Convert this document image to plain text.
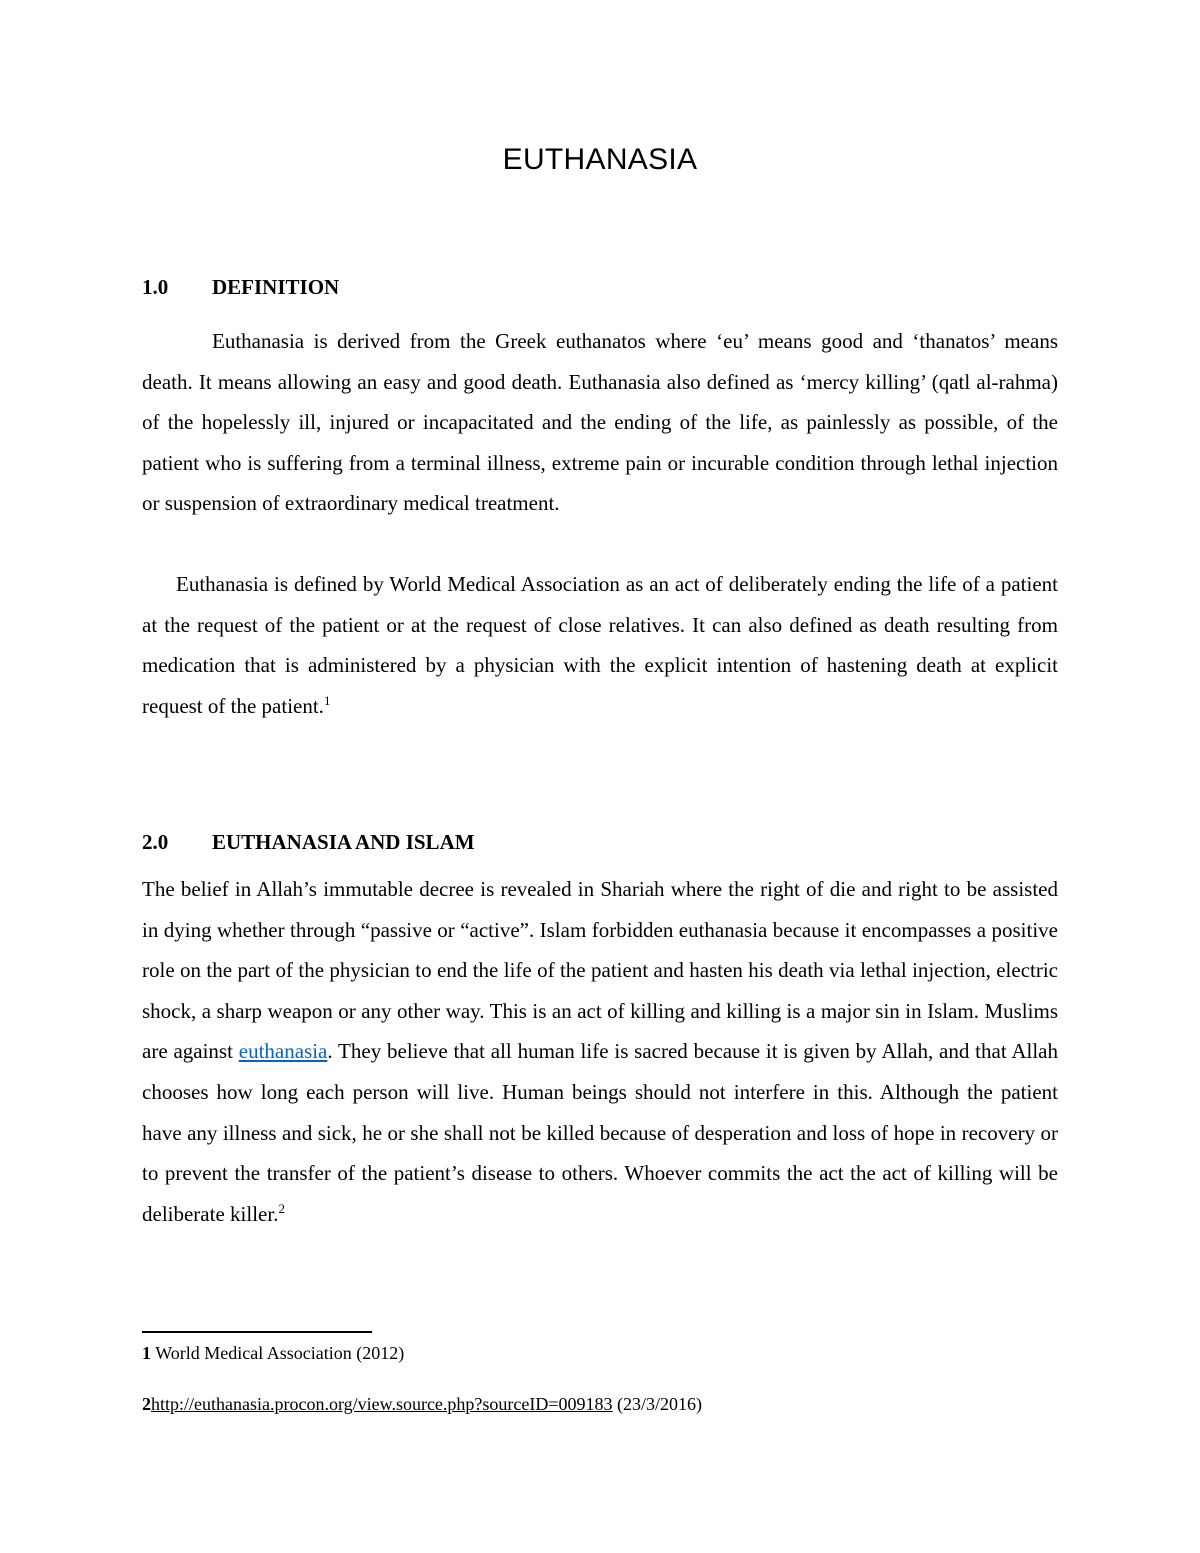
EUTHANASIA
1.0 DEFINITION
Euthanasia is derived from the Greek euthanatos where ‘eu’ means good and ‘thanatos’ means death. It means allowing an easy and good death. Euthanasia also defined as ‘mercy killing’ (qatl al-rahma) of the hopelessly ill, injured or incapacitated and the ending of the life, as painlessly as possible, of the patient who is suffering from a terminal illness, extreme pain or incurable condition through lethal injection or suspension of extraordinary medical treatment.
Euthanasia is defined by World Medical Association as an act of deliberately ending the life of a patient at the request of the patient or at the request of close relatives. It can also defined as death resulting from medication that is administered by a physician with the explicit intention of hastening death at explicit request of the patient.$^1$
2.0 EUTHANASIA AND ISLAM
The belief in Allah’s immutable decree is revealed in Shariah where the right of die and right to be assisted in dying whether through “passive or “active”. Islam forbidden euthanasia because it encompasses a positive role on the part of the physician to end the life of the patient and hasten his death via lethal injection, electric shock, a sharp weapon or any other way. This is an act of killing and killing is a major sin in Islam. Muslims are against euthanasia. They believe that all human life is sacred because it is given by Allah, and that Allah chooses how long each person will live. Human beings should not interfere in this. Although the patient have any illness and sick, he or she shall not be killed because of desperation and loss of hope in recovery or to prevent the transfer of the patient’s disease to others. Whoever commits the act the act of killing will be deliberate killer.$^2$
1 World Medical Association (2012)
2http://euthanasia.procon.org/view.source.php?sourceID=009183 (23/3/2016)
